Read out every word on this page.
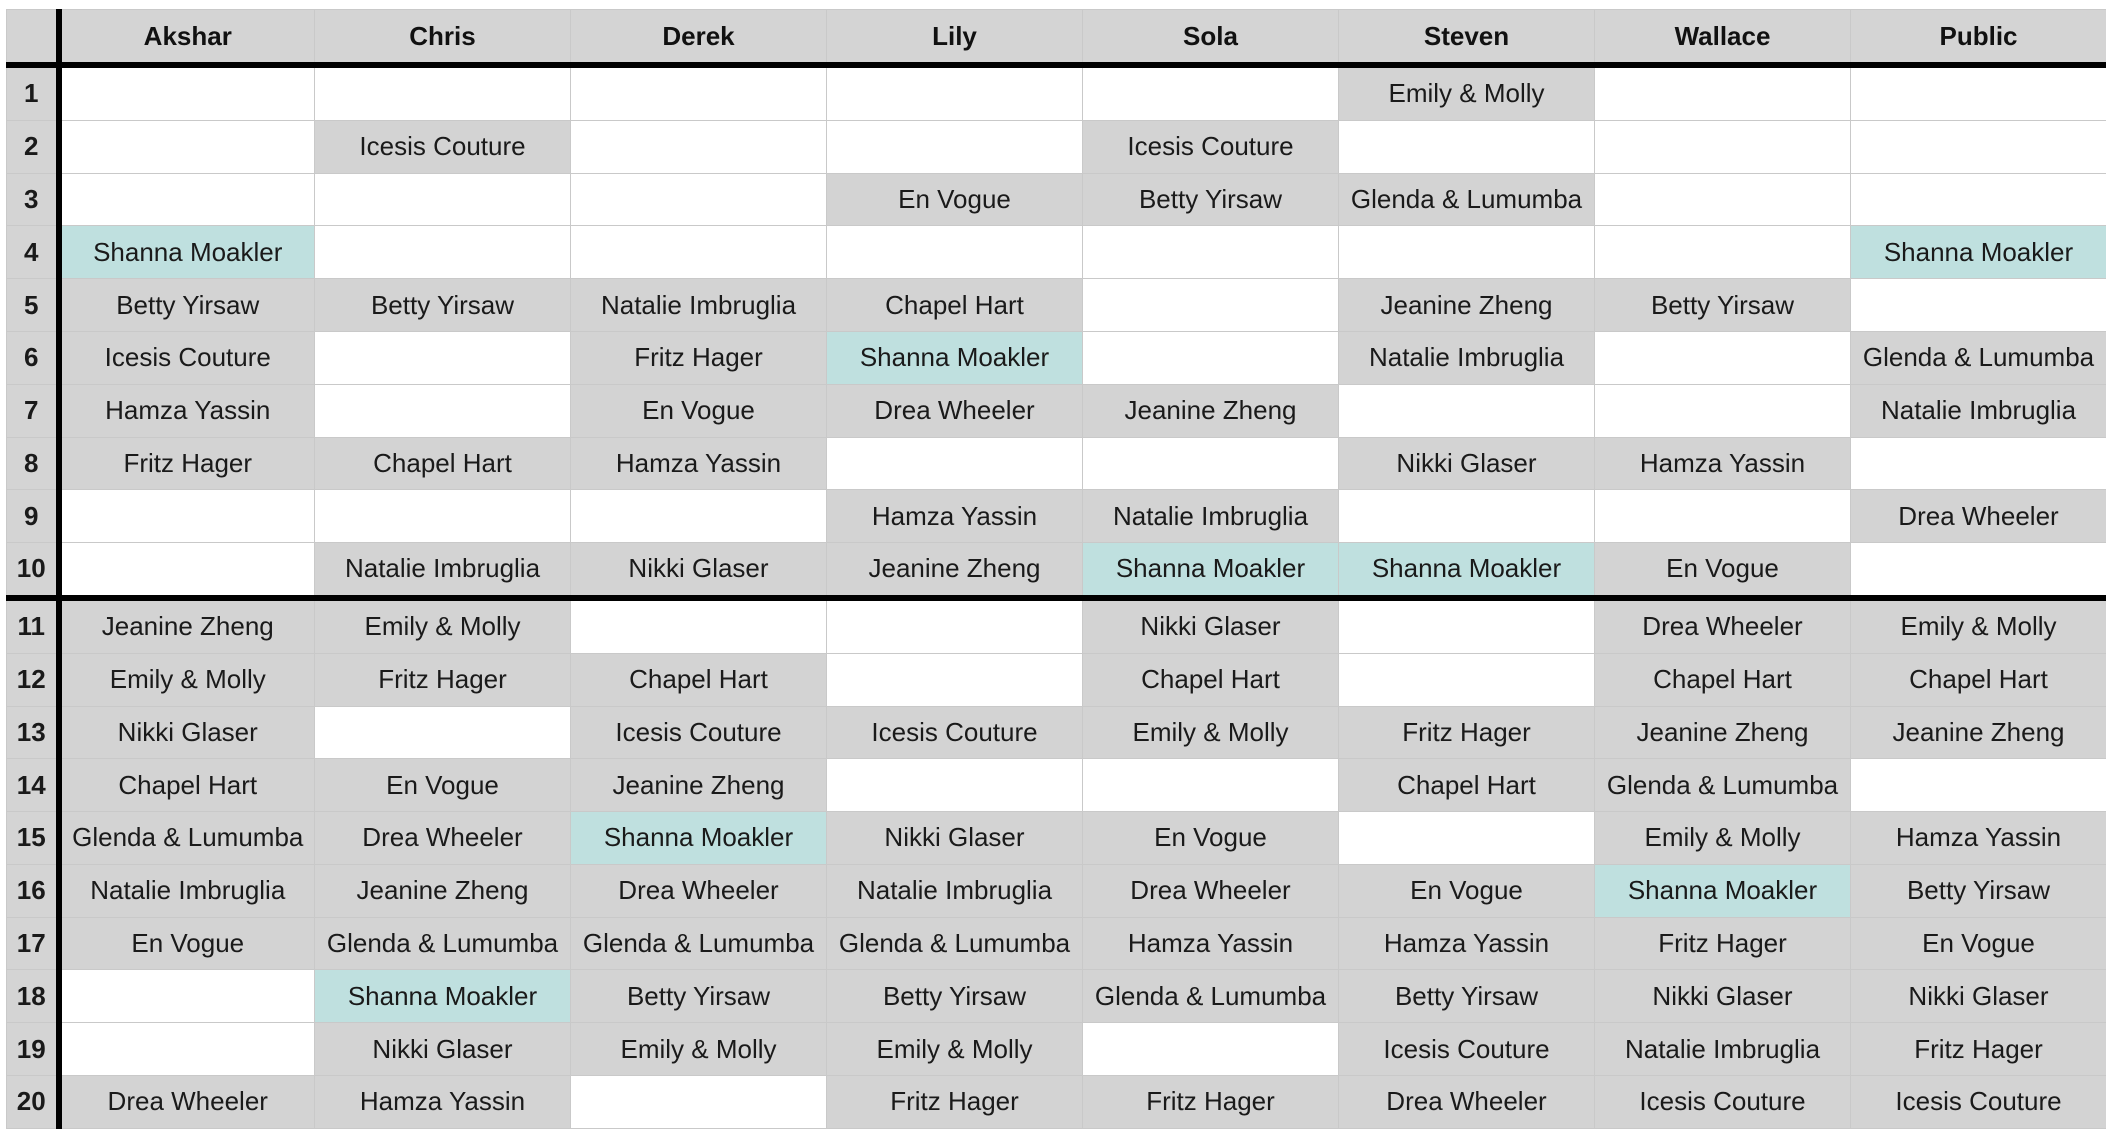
	Akshar	Chris	Derek	Lily	Sola	Steven	Wallace	Public
1						Emily & Molly		
2		Icesis Couture			Icesis Couture			
3				En Vogue	Betty Yirsaw	Glenda & Lumumba		
4	Shanna Moakler							Shanna Moakler
5	Betty Yirsaw	Betty Yirsaw	Natalie Imbruglia	Chapel Hart		Jeanine Zheng	Betty Yirsaw	
6	Icesis Couture		Fritz Hager	Shanna Moakler		Natalie Imbruglia		Glenda & Lumumba
7	Hamza Yassin		En Vogue	Drea Wheeler	Jeanine Zheng			Natalie Imbruglia
8	Fritz Hager	Chapel Hart	Hamza Yassin			Nikki Glaser	Hamza Yassin	
9				Hamza Yassin	Natalie Imbruglia			Drea Wheeler
10		Natalie Imbruglia	Nikki Glaser	Jeanine Zheng	Shanna Moakler	Shanna Moakler	En Vogue	
11	Jeanine Zheng	Emily & Molly			Nikki Glaser		Drea Wheeler	Emily & Molly
12	Emily & Molly	Fritz Hager	Chapel Hart		Chapel Hart		Chapel Hart	Chapel Hart
13	Nikki Glaser		Icesis Couture	Icesis Couture	Emily & Molly	Fritz Hager	Jeanine Zheng	Jeanine Zheng
14	Chapel Hart	En Vogue	Jeanine Zheng			Chapel Hart	Glenda & Lumumba	
15	Glenda & Lumumba	Drea Wheeler	Shanna Moakler	Nikki Glaser	En Vogue		Emily & Molly	Hamza Yassin
16	Natalie Imbruglia	Jeanine Zheng	Drea Wheeler	Natalie Imbruglia	Drea Wheeler	En Vogue	Shanna Moakler	Betty Yirsaw
17	En Vogue	Glenda & Lumumba	Glenda & Lumumba	Glenda & Lumumba	Hamza Yassin	Hamza Yassin	Fritz Hager	En Vogue
18		Shanna Moakler	Betty Yirsaw	Betty Yirsaw	Glenda & Lumumba	Betty Yirsaw	Nikki Glaser	Nikki Glaser
19		Nikki Glaser	Emily & Molly	Emily & Molly		Icesis Couture	Natalie Imbruglia	Fritz Hager
20	Drea Wheeler	Hamza Yassin		Fritz Hager	Fritz Hager	Drea Wheeler	Icesis Couture	Icesis Couture
